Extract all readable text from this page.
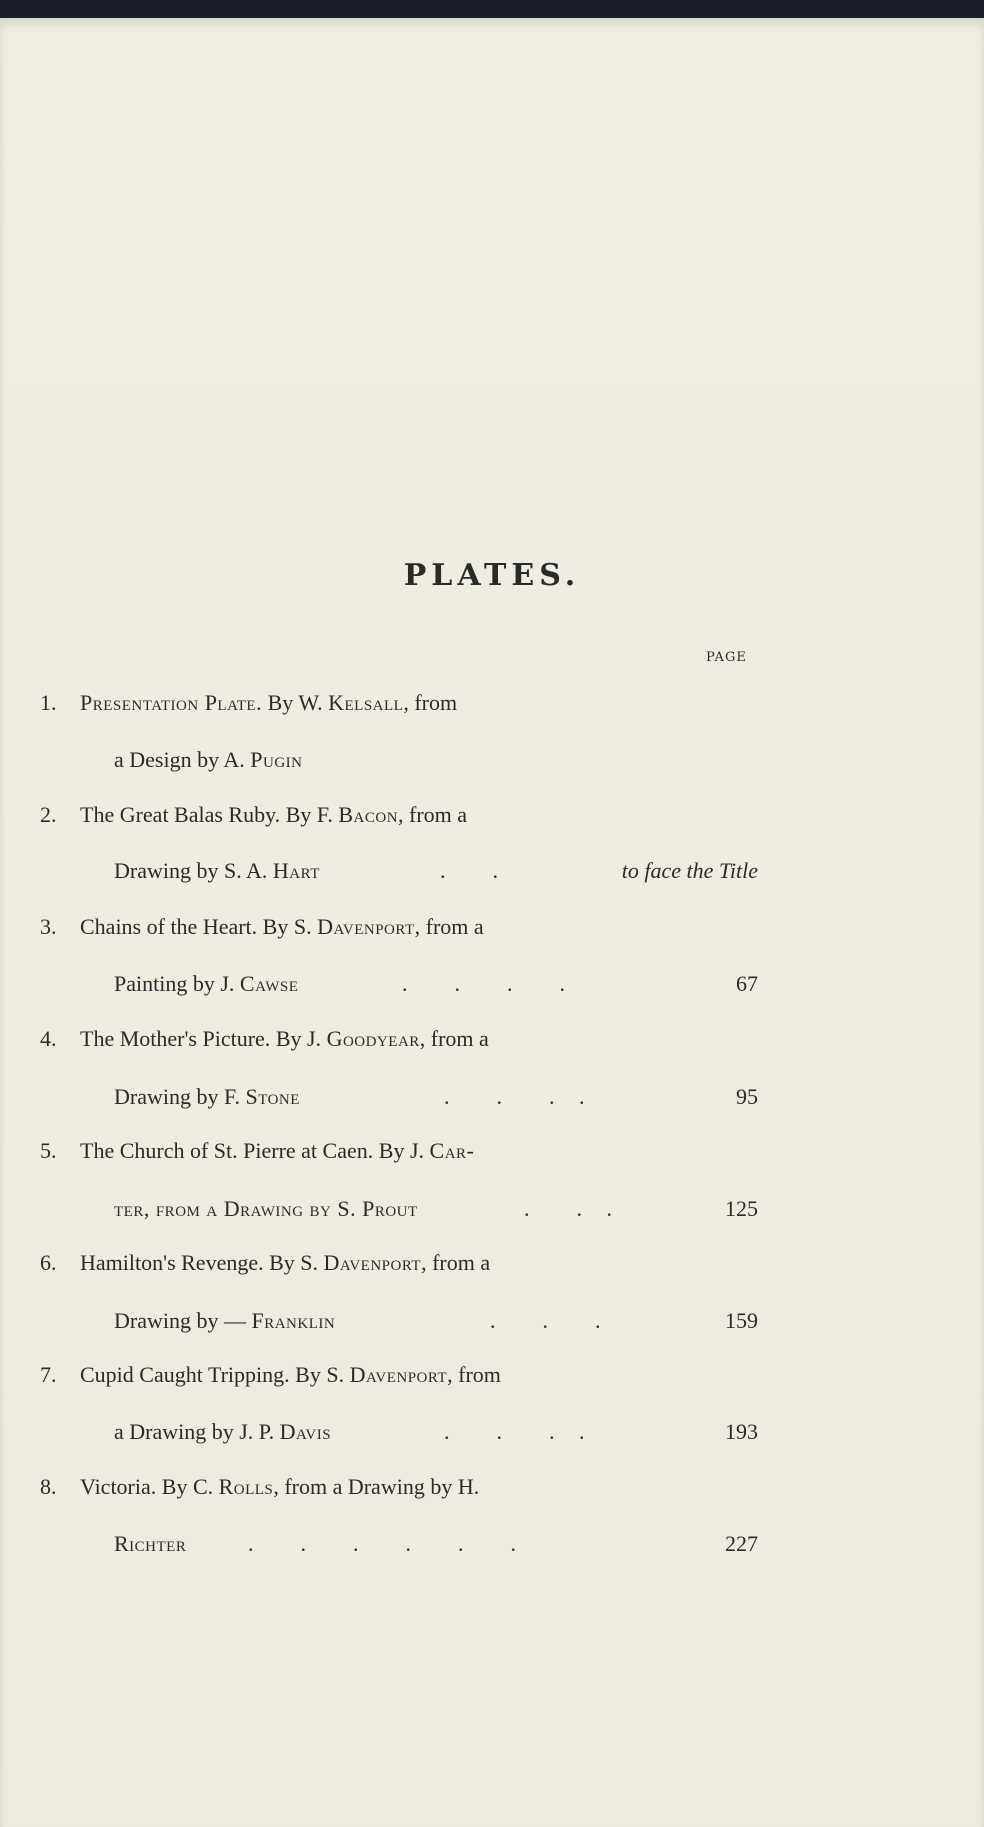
PLATES.
PAGE
1. Presentation Plate. By W. Kelsall, from
a Design by A. Pugin
2. The Great Balas Ruby. By F. Bacon, from a
Drawing by S. A. Hart	.      .	to face the Title
3. Chains of the Heart. By S. Davenport, from a
Painting by J. Cawse	.      .      .      .	67
4. The Mother's Picture. By J. Goodyear, from a
Drawing by F. Stone	.      .      .   .	95
5. The Church of St. Pierre at Caen. By J. Car-
ter, from a Drawing by S. Prout	.      .   .	125
6. Hamilton's Revenge. By S. Davenport, from a
Drawing by — Franklin	.      .      .	159
7. Cupid Caught Tripping. By S. Davenport, from
a Drawing by J. P. Davis	.      .      .   .	193
8. Victoria. By C. Rolls, from a Drawing by H.
Richter	.      .      .      .      .      .	227
